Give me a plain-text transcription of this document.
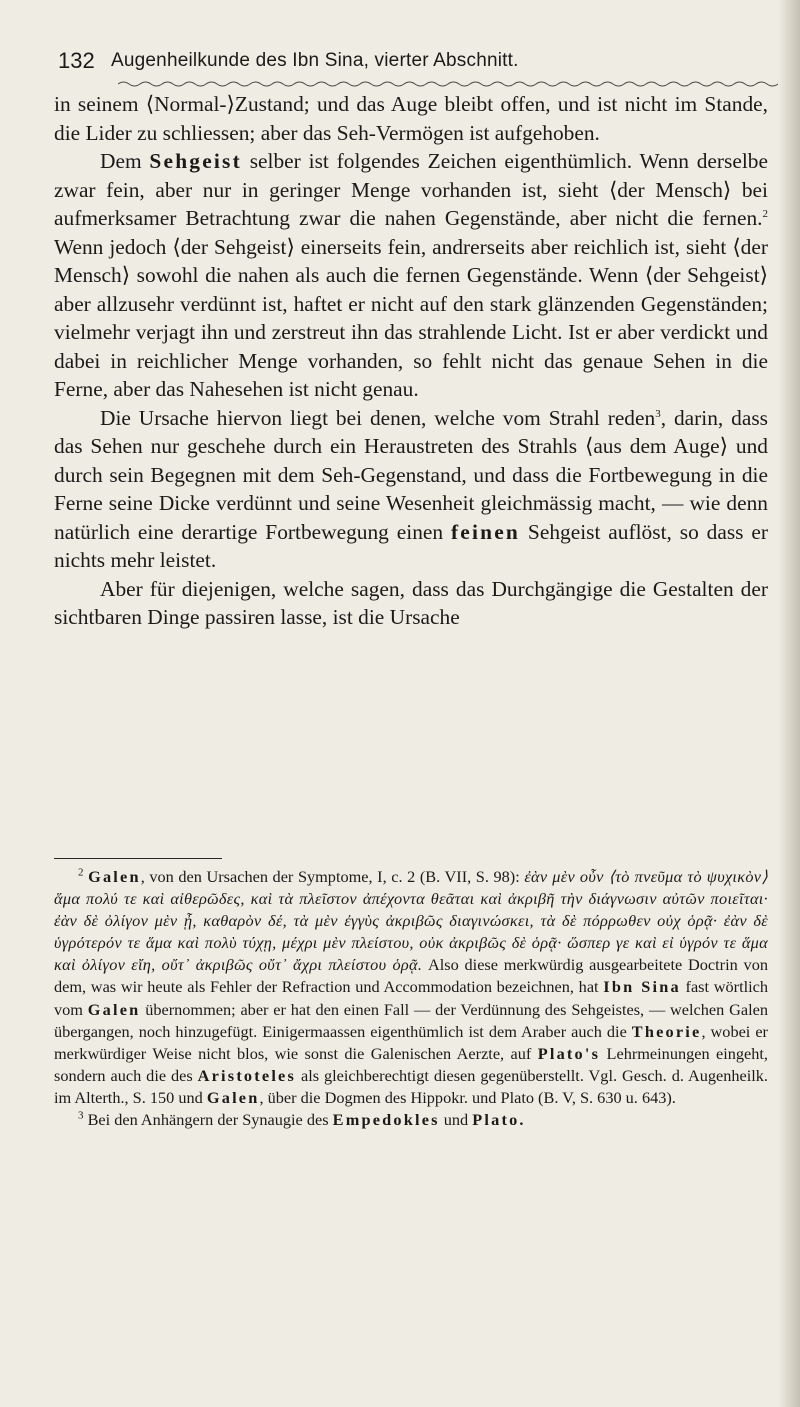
132 Augenheilkunde des Ibn Sina, vierter Abschnitt.

in seinem ⟨Normal-⟩Zustand; und das Auge bleibt offen, und ist nicht im Stande, die Lider zu schliessen; aber das Seh-Vermögen ist aufgehoben.

Dem Sehgeist selber ist folgendes Zeichen eigenthümlich. Wenn derselbe zwar fein, aber nur in geringer Menge vorhanden ist, sieht ⟨der Mensch⟩ bei aufmerksamer Betrachtung zwar die nahen Gegenstände, aber nicht die fernen.$^2$ Wenn jedoch ⟨der Sehgeist⟩ einerseits fein, andrerseits aber reichlich ist, sieht ⟨der Mensch⟩ sowohl die nahen als auch die fernen Gegenstände. Wenn ⟨der Sehgeist⟩ aber allzusehr verdünnt ist, haftet er nicht auf den stark glänzenden Gegenständen; vielmehr verjagt ihn und zerstreut ihn das strahlende Licht. Ist er aber verdickt und dabei in reichlicher Menge vorhanden, so fehlt nicht das genaue Sehen in die Ferne, aber das Nahesehen ist nicht genau.

Die Ursache hiervon liegt bei denen, welche vom Strahl reden$^3$, darin, dass das Sehen nur geschehe durch ein Heraustreten des Strahls ⟨aus dem Auge⟩ und durch sein Begegnen mit dem Seh-Gegenstand, und dass die Fortbewegung in die Ferne seine Dicke verdünnt und seine Wesenheit gleichmässig macht, — wie denn natürlich eine derartige Fortbewegung einen feinen Sehgeist auflöst, so dass er nichts mehr leistet.

Aber für diejenigen, welche sagen, dass das Durchgängige die Gestalten der sichtbaren Dinge passiren lasse, ist die Ursache

$^2$ Galen, von den Ursachen der Symptome, I, c. 2 (B. VII, S. 98): ἐὰν μὲν οὖν ⟨τὸ πνεῦμα τὸ ψυχικὸν⟩ ἅμα πολύ τε καὶ αἰθερῶδες, καὶ τὰ πλεῖστον ἀπέχοντα θεᾶται καὶ ἀκριβῆ τὴν διάγνωσιν αὐτῶν ποιεῖται· ἐὰν δὲ ὀλίγον μὲν ᾖ, καθαρὸν δέ, τὰ μὲν ἐγγὺς ἀκριβῶς διαγινώσκει, τὰ δὲ πόρρωθεν οὐχ ὁρᾷ· ἐὰν δὲ ὑγρότερόν τε ἅμα καὶ πολὺ τύχῃ, μέχρι μὲν πλείστου, οὐκ ἀκριβῶς δὲ ὁρᾷ· ὥσπερ γε καὶ εἰ ὑγρόν τε ἅμα καὶ ὀλίγον εἴη, οὔτ᾽ ἀκριβῶς οὔτ᾽ ἄχρι πλείστου ὁρᾷ. Also diese merkwürdig ausgearbeitete Doctrin von dem, was wir heute als Fehler der Refraction und Accommodation bezeichnen, hat Ibn Sina fast wörtlich vom Galen übernommen; aber er hat den einen Fall — der Verdünnung des Sehgeistes, — welchen Galen übergangen, noch hinzugefügt. Einigermaassen eigenthümlich ist dem Araber auch die Theorie, wobei er merkwürdiger Weise nicht blos, wie sonst die Galenischen Aerzte, auf Plato's Lehrmeinungen eingeht, sondern auch die des Aristoteles als gleichberechtigt diesen gegenüberstellt. Vgl. Gesch. d. Augenheilk. im Alterth., S. 150 und Galen, über die Dogmen des Hippokr. und Plato (B. V, S. 630 u. 643).

$^3$ Bei den Anhängern der Synaugie des Empedokles und Plato.
